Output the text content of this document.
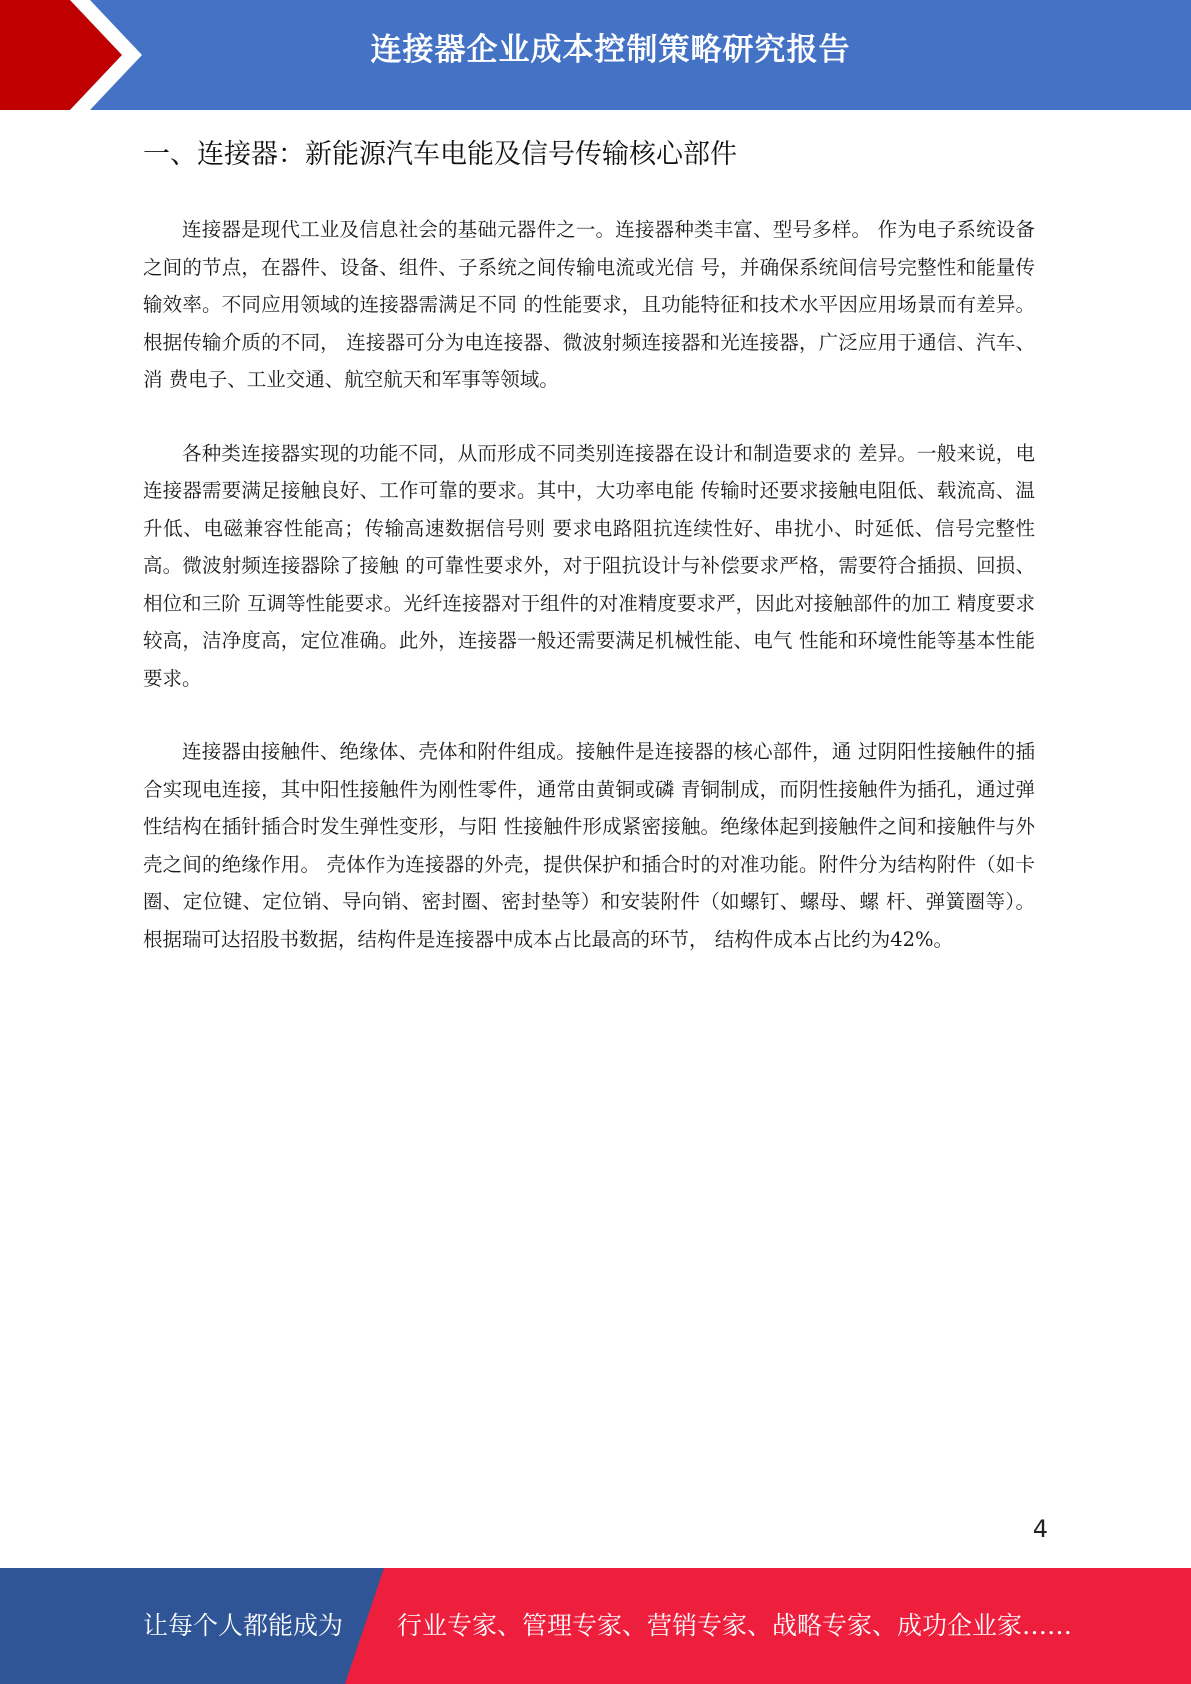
连接器企业成本控制策略研究报告
一、连接器：新能源汽车电能及信号传输核心部件

连接器是现代工业及信息社会的基础元器件之一。连接器种类丰富、型号多样。 作为电子系统设备之间的节点，在器件、设备、组件、子系统之间传输电流或光信 号，并确保系统间信号完整性和能量传输效率。不同应用领域的连接器需满足不同 的性能要求，且功能特征和技术水平因应用场景而有差异。根据传输介质的不同， 连接器可分为电连接器、微波射频连接器和光连接器，广泛应用于通信、汽车、消 费电子、工业交通、航空航天和军事等领域。

各种类连接器实现的功能不同，从而形成不同类别连接器在设计和制造要求的 差异。一般来说，电连接器需要满足接触良好、工作可靠的要求。其中，大功率电能 传输时还要求接触电阻低、载流高、温升低、电磁兼容性能高；传输高速数据信号则 要求电路阻抗连续性好、串扰小、时延低、信号完整性高。微波射频连接器除了接触 的可靠性要求外，对于阻抗设计与补偿要求严格，需要符合插损、回损、相位和三阶 互调等性能要求。光纤连接器对于组件的对准精度要求严，因此对接触部件的加工 精度要求较高，洁净度高，定位准确。此外，连接器一般还需要满足机械性能、电气 性能和环境性能等基本性能要求。

连接器由接触件、绝缘体、壳体和附件组成。接触件是连接器的核心部件，通 过阴阳性接触件的插合实现电连接，其中阳性接触件为刚性零件，通常由黄铜或磷 青铜制成，而阴性接触件为插孔，通过弹性结构在插针插合时发生弹性变形，与阳 性接触件形成紧密接触。绝缘体起到接触件之间和接触件与外壳之间的绝缘作用。 壳体作为连接器的外壳，提供保护和插合时的对准功能。附件分为结构附件（如卡 圈、定位键、定位销、导向销、密封圈、密封垫等）和安装附件（如螺钉、螺母、螺 杆、弹簧圈等）。根据瑞可达招股书数据，结构件是连接器中成本占比最高的环节， 结构件成本占比约为42%。

4
让每个人都能成为 行业专家、管理专家、营销专家、战略专家、成功企业家……
